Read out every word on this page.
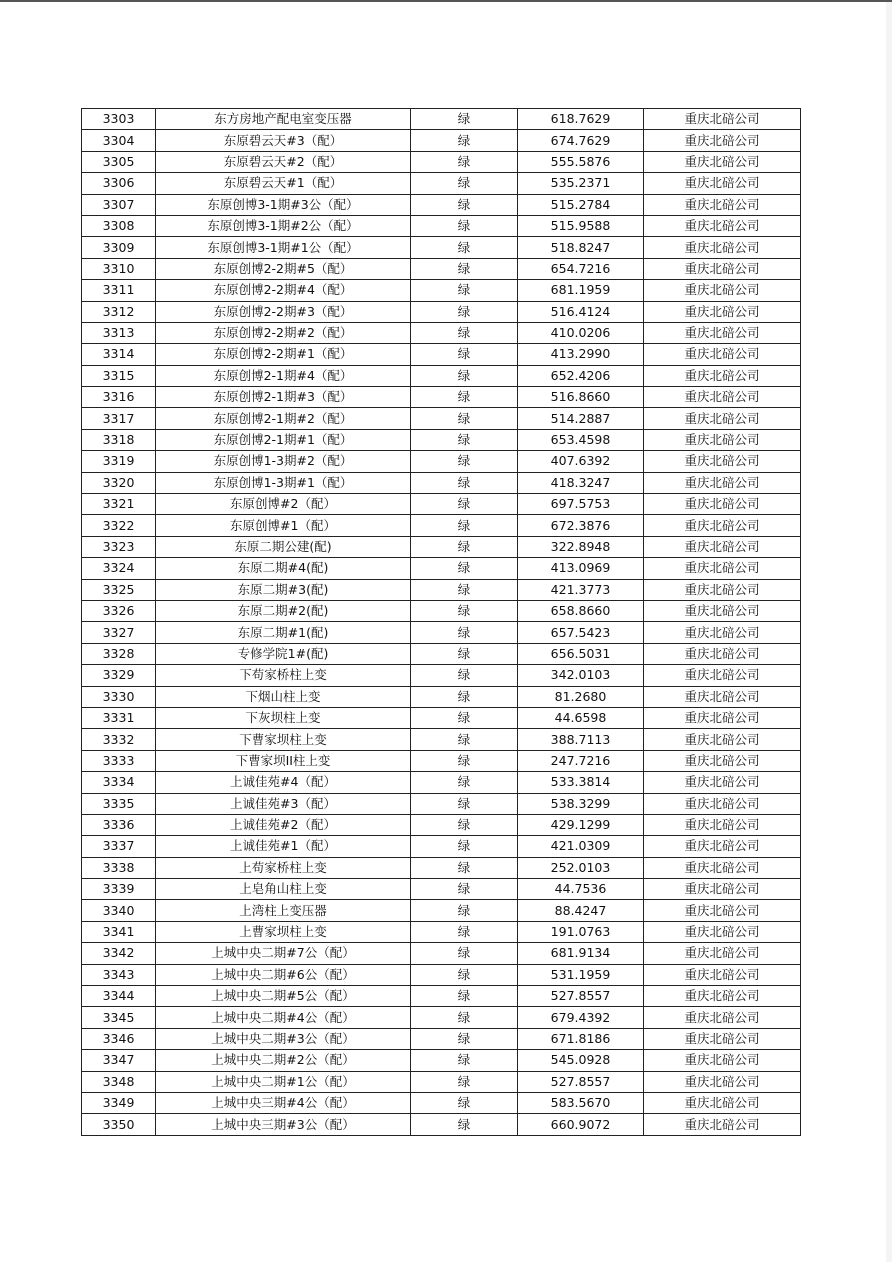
3303	东方房地产配电室变压器	绿	618.7629	重庆北碚公司
3304	东原碧云天#3（配）	绿	674.7629	重庆北碚公司
3305	东原碧云天#2（配）	绿	555.5876	重庆北碚公司
3306	东原碧云天#1（配）	绿	535.2371	重庆北碚公司
3307	东原创博3-1期#3公（配）	绿	515.2784	重庆北碚公司
3308	东原创博3-1期#2公（配）	绿	515.9588	重庆北碚公司
3309	东原创博3-1期#1公（配）	绿	518.8247	重庆北碚公司
3310	东原创博2-2期#5（配）	绿	654.7216	重庆北碚公司
3311	东原创博2-2期#4（配）	绿	681.1959	重庆北碚公司
3312	东原创博2-2期#3（配）	绿	516.4124	重庆北碚公司
3313	东原创博2-2期#2（配）	绿	410.0206	重庆北碚公司
3314	东原创博2-2期#1（配）	绿	413.2990	重庆北碚公司
3315	东原创博2-1期#4（配）	绿	652.4206	重庆北碚公司
3316	东原创博2-1期#3（配）	绿	516.8660	重庆北碚公司
3317	东原创博2-1期#2（配）	绿	514.2887	重庆北碚公司
3318	东原创博2-1期#1（配）	绿	653.4598	重庆北碚公司
3319	东原创博1-3期#2（配）	绿	407.6392	重庆北碚公司
3320	东原创博1-3期#1（配）	绿	418.3247	重庆北碚公司
3321	东原创博#2（配）	绿	697.5753	重庆北碚公司
3322	东原创博#1（配）	绿	672.3876	重庆北碚公司
3323	东原二期公建(配)	绿	322.8948	重庆北碚公司
3324	东原二期#4(配)	绿	413.0969	重庆北碚公司
3325	东原二期#3(配)	绿	421.3773	重庆北碚公司
3326	东原二期#2(配)	绿	658.8660	重庆北碚公司
3327	东原二期#1(配)	绿	657.5423	重庆北碚公司
3328	专修学院1#(配)	绿	656.5031	重庆北碚公司
3329	下苟家桥柱上变	绿	342.0103	重庆北碚公司
3330	下烟山柱上变	绿	81.2680	重庆北碚公司
3331	下灰坝柱上变	绿	44.6598	重庆北碚公司
3332	下曹家坝柱上变	绿	388.7113	重庆北碚公司
3333	下曹家坝II柱上变	绿	247.7216	重庆北碚公司
3334	上诚佳苑#4（配）	绿	533.3814	重庆北碚公司
3335	上诚佳苑#3（配）	绿	538.3299	重庆北碚公司
3336	上诚佳苑#2（配）	绿	429.1299	重庆北碚公司
3337	上诚佳苑#1（配）	绿	421.0309	重庆北碚公司
3338	上苟家桥柱上变	绿	252.0103	重庆北碚公司
3339	上皂角山柱上变	绿	44.7536	重庆北碚公司
3340	上湾柱上变压器	绿	88.4247	重庆北碚公司
3341	上曹家坝柱上变	绿	191.0763	重庆北碚公司
3342	上城中央二期#7公（配）	绿	681.9134	重庆北碚公司
3343	上城中央二期#6公（配）	绿	531.1959	重庆北碚公司
3344	上城中央二期#5公（配）	绿	527.8557	重庆北碚公司
3345	上城中央二期#4公（配）	绿	679.4392	重庆北碚公司
3346	上城中央二期#3公（配）	绿	671.8186	重庆北碚公司
3347	上城中央二期#2公（配）	绿	545.0928	重庆北碚公司
3348	上城中央二期#1公（配）	绿	527.8557	重庆北碚公司
3349	上城中央三期#4公（配）	绿	583.5670	重庆北碚公司
3350	上城中央三期#3公（配）	绿	660.9072	重庆北碚公司
